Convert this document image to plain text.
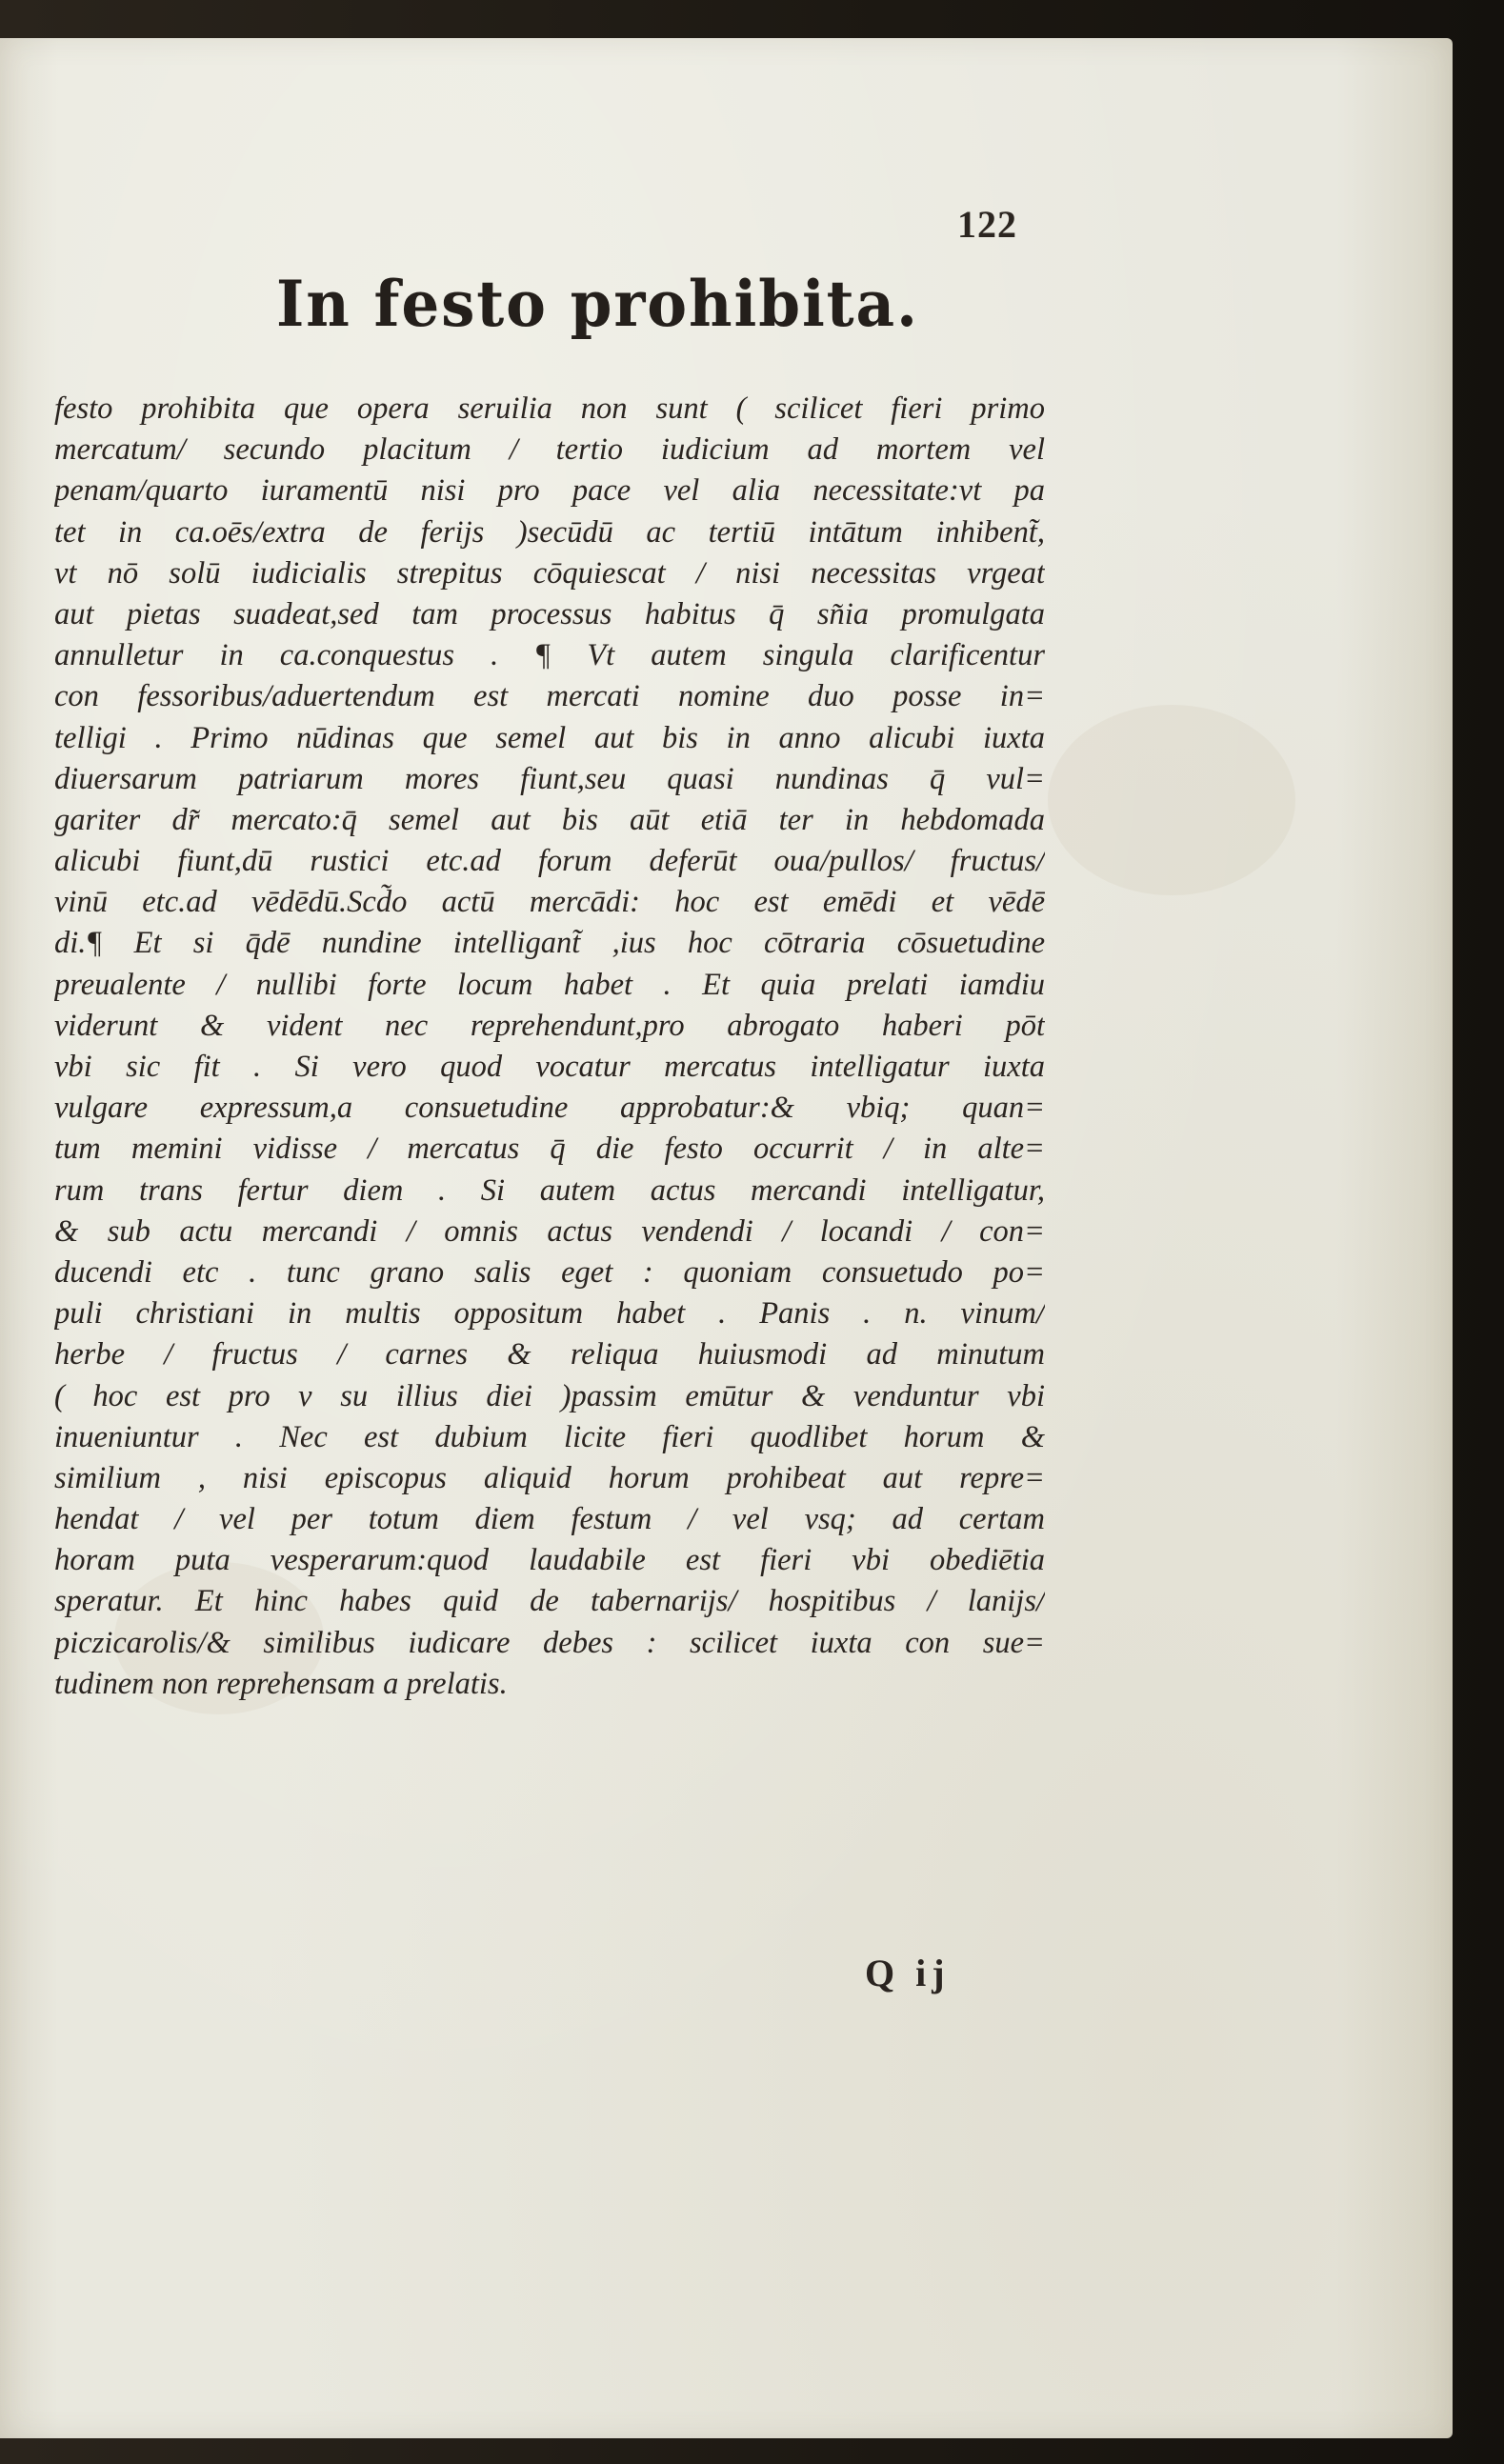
122

In festo prohibita.
festo prohibita que opera seruilia non sunt ( scilicet fieri primo
mercatum/ secundo placitum / tertio iudicium ad mortem vel
penam/quarto iuramentū nisi pro pace vel alia necessitate:vt pa
tet in ca.oēs/extra de ferijs )secūdū ac tertiū intātum inhibent͂,
vt nō solū iudicialis strepitus cōquiescat / nisi necessitas vrgeat
aut pietas suadeat,sed tam processus habitus q̄ sn͂ia promulgata
annulletur in ca.conquestus . ¶ Vt autem singula clarificentur
con fessoribus/aduertendum est mercati nomine duo posse in=
telligi . Primo nūdinas que semel aut bis in anno alicubi iuxta
diuersarum patriarum mores fiunt,seu quasi nundinas q̄ vul=
gariter dr͂ mercato:q̄ semel aut bis aūt etiā ter in hebdomada
alicubi fiunt,dū rustici etc.ad forum deferūt oua/pullos/ fructus/
vinū etc.ad vēdēdū.Scd͂o actū mercādi: hoc est emēdi et vēdē
di.¶ Et si q̄dē nundine intelligant͂ ,ius hoc cōtraria cōsuetudine
preualente / nullibi forte locum habet . Et quia prelati iamdiu
viderunt & vident nec reprehendunt,pro abrogato haberi pōt
vbi sic fit . Si vero quod vocatur mercatus intelligatur iuxta
vulgare expressum,a consuetudine approbatur:& vbiq; quan=
tum memini vidisse / mercatus q̄ die festo occurrit / in alte=
rum trans fertur diem . Si autem actus mercandi intelligatur,
& sub actu mercandi / omnis actus vendendi / locandi / con=
ducendi etc . tunc grano salis eget : quoniam consuetudo po=
puli christiani in multis oppositum habet . Panis . n. vinum/
herbe / fructus / carnes & reliqua huiusmodi ad minutum
( hoc est pro v su illius diei )passim emūtur & venduntur vbi
inueniuntur . Nec est dubium licite fieri quodlibet horum &
similium , nisi episcopus aliquid horum prohibeat aut repre=
hendat / vel per totum diem festum / vel vsq; ad certam
horam puta vesperarum:quod laudabile est fieri vbi obediētia
speratur. Et hinc habes quid de tabernarijs/ hospitibus / lanijs/
piczicarolis/& similibus iudicare debes : scilicet iuxta con sue=
tudinem non reprehensam a prelatis.

Q ij
